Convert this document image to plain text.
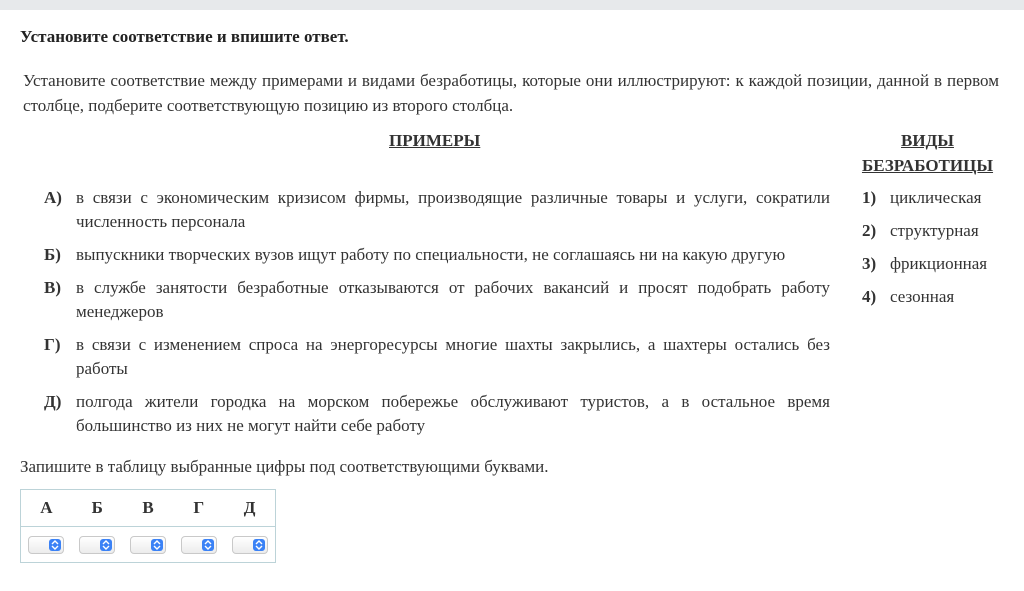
Установите соответствие и впишите ответ.
Установите соответствие между примерами и видами безработицы, которые они иллюстрируют: к каждой позиции, данной в первом столбце, подберите соответствующую позицию из второго столбца.
ПРИМЕРЫ	ВИДЫ БЕЗРАБОТИЦЫ
А) в связи с экономическим кризисом фирмы, производящие различные товары и услуги, сократили численность персонала
Б) выпускники творческих вузов ищут работу по специальности, не соглашаясь ни на какую другую
В) в службе занятости безработные отказываются от рабочих вакансий и просят подобрать работу менеджеров
Г) в связи с изменением спроса на энергоресурсы многие шахты закрылись, а шахтеры остались без работы
Д) полгода жители городка на морском побережье обслуживают туристов, а в остальное время большинство из них не могут найти себе работу
1) циклическая
2) структурная
3) фрикционная
4) сезонная
Запишите в таблицу выбранные цифры под соответствующими буквами.
А	Б	В	Г	Д
